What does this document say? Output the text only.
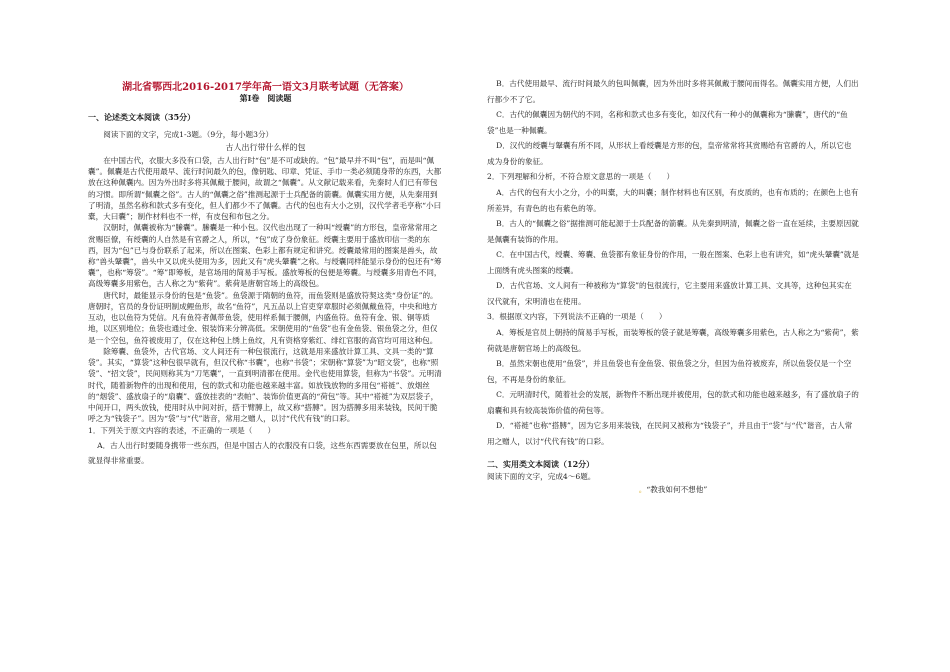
湖北省鄂西北2016-2017学年高一语文3月联考试题（无答案）
第Ⅰ卷　阅读题

一、论述类文本阅读（35分）

阅读下面的文字，完成1-3题。（9分，每小题3分）

古人出行带什么样的包

在中国古代，衣服大多没有口袋，古人出行时“包”是不可或缺的。“包”最早并不叫“包”，而是叫“佩囊”。佩囊是古代使用最早、流行时间最久的包，像钥匙、印章、凭证、手巾一类必须随身带的东西，大都放在这种佩囊内。因为外出时多将其佩戴于腰间，故谓之“佩囊”。从文献记载来看，先秦时人们已有带包的习惯。即所谓“佩囊之俗”。古人的“佩囊之俗”推测起源于士兵配备的箭囊。佩囊实用方便，从先秦用到了明清，虽然名称和款式多有变化，但人们都少不了佩囊。古代的包也有大小之别，汉代学者毛亨称“小曰橐，大曰囊”；制作材料也不一样，有皮包和布包之分。

汉朝时，佩囊被称为“縢囊”。縢囊是一种小包。汉代也出现了一种叫“绶囊”的方形包，皇帝常常用之赏赐臣僚，有绶囊的人自然是有官爵之人，所以，“包”成了身份象征。绶囊主要用于盛放印信一类的东西，因为“包”已与身份联系了起来，所以在图案、色彩上都有规定和讲究。绶囊最常用的图案是兽头，故称“兽头鞶囊”，兽头中又以虎头使用为多，因此又有“虎头鞶囊”之称。与绶囊同样能显示身份的包还有“筹囊”，也称“筹袋”。“筹”即筹板，是官场用的简易手写板。盛放筹板的包便是筹囊。与绶囊多用青色不同，高级筹囊多用紫色，古人称之为“紫荷”。紫荷是唐朝官场上的高级包。

唐代时，最能显示身份的包是“鱼袋”。鱼袋源于隋朝的鱼符，而鱼袋则是盛放符契这类“身份证”的。唐朝时，官员的身份证明制成鲤鱼形，故名“鱼符”，凡五品以上官吏穿章服时必须佩戴鱼符，中央和地方互动，也以鱼符为凭信。凡有鱼符者佩带鱼袋，使用样系佩于腰侧，内盛鱼符。鱼符有金、银、铜等质地，以区别地位；鱼袋也通过金、银装饰来分辨高低。宋朝使用的“鱼袋”也有金鱼袋、银鱼袋之分，但仅是一个空包，鱼符被废用了，仅在这种包上绣上鱼纹，凡有资格穿紫红、绯红官服的高官均可用这种包。

除筹囊、鱼袋外，古代官场、文人间还有一种包很流行，这就是用来盛放计算工具、文具一类的“算袋”。其实，“算袋”这种包很早就有，但汉代称“书囊”，也称“书袋”；宋朝称“算袋”为“昭文袋”，也称“照袋”、“招文袋”，民间则称其为“刀笔囊”，一直到明清都在使用。金代也使用算袋，但称为“书袋”。元明清时代，随着新物件的出现和使用，包的款式和功能也越来越丰富。如放钱放物的多用包“褡裢”、放烟丝的“烟袋”、盛放扇子的“扇囊”、盛放挂表的“表帕”、装饰价值更高的“荷包”等。其中“褡裢”为双层袋子，中间开口，两头放钱，使用时从中间对折，搭于臂膊上，故又称“搭膊”。因为搭膊多用来装钱，民间干脆呼之为“钱袋子”。因为“袋”与“代”谐音，常用之赠人，以讨“代代有钱”的口彩。

1．下列关于原文内容的表述，不正确的一项是（　　）

A．古人出行时要随身携带一些东西，但是中国古人的衣服没有口袋，这些东西需要放在包里，所以包就显得非常重要。

B．古代使用最早、流行时间最久的包叫佩囊，因为外出时多将其佩戴于腰间而得名。佩囊实用方便，人们出行都少不了它。

C．古代的佩囊因为朝代的不同，名称和款式也多有变化，如汉代有一种小的佩囊称为“縢囊”，唐代的“鱼袋”也是一种佩囊。

D．汉代的绶囊与鞶囊有所不同，从形状上看绶囊是方形的包，皇帝常常将其赏赐给有官爵的人，所以它也成为身份的象征。

2．下列理解和分析，不符合原文意思的一项是（　　）

A．古代的包有大小之分，小的叫橐，大的叫囊；制作材料也有区别，有皮质的，也有布质的；在颜色上也有所差异，有青色的也有紫色的等。

B．古人的“佩囊之俗”据推测可能起源于士兵配备的箭囊。从先秦到明清，佩囊之俗一直在延续，主要原因就是佩囊有装饰的作用。

C．在中国古代，绶囊、筹囊、鱼袋都有象征身份的作用，一般在图案、色彩上也有讲究，如“虎头鞶囊”就是上面绣有虎头图案的绶囊。

D．古代官场、文人间有一种被称为“算袋”的包很流行，它主要用来盛放计算工具、文具等，这种包其实在汉代就有，宋明清也在使用。

3．根据原文内容，下列说法不正确的一项是（　　）

A．筹板是官员上朝持的简易手写板，而装筹板的袋子就是筹囊，高级筹囊多用紫色，古人称之为“紫荷”，紫荷就是唐朝官场上的高级包。

B．虽然宋朝也使用“鱼袋”，并且鱼袋也有金鱼袋、银鱼袋之分，但因为鱼符被废弃，所以鱼袋仅是一个空包，不再是身份的象征。

C．元明清时代，随着社会的发展，新物件不断出现并被使用，包的款式和功能也越来越多，有了盛放扇子的扇囊和具有较高装饰价值的荷包等。

D．“褡裢”也称“搭膊”，因为它多用来装钱，在民间又被称为“钱袋子”，并且由于“袋”与“代”谐音，古人常用之赠人，以讨“代代有钱”的口彩。

二、实用类文本阅读（12分）

阅读下面的文字，完成4～6题。

。“教我如何不想他”
